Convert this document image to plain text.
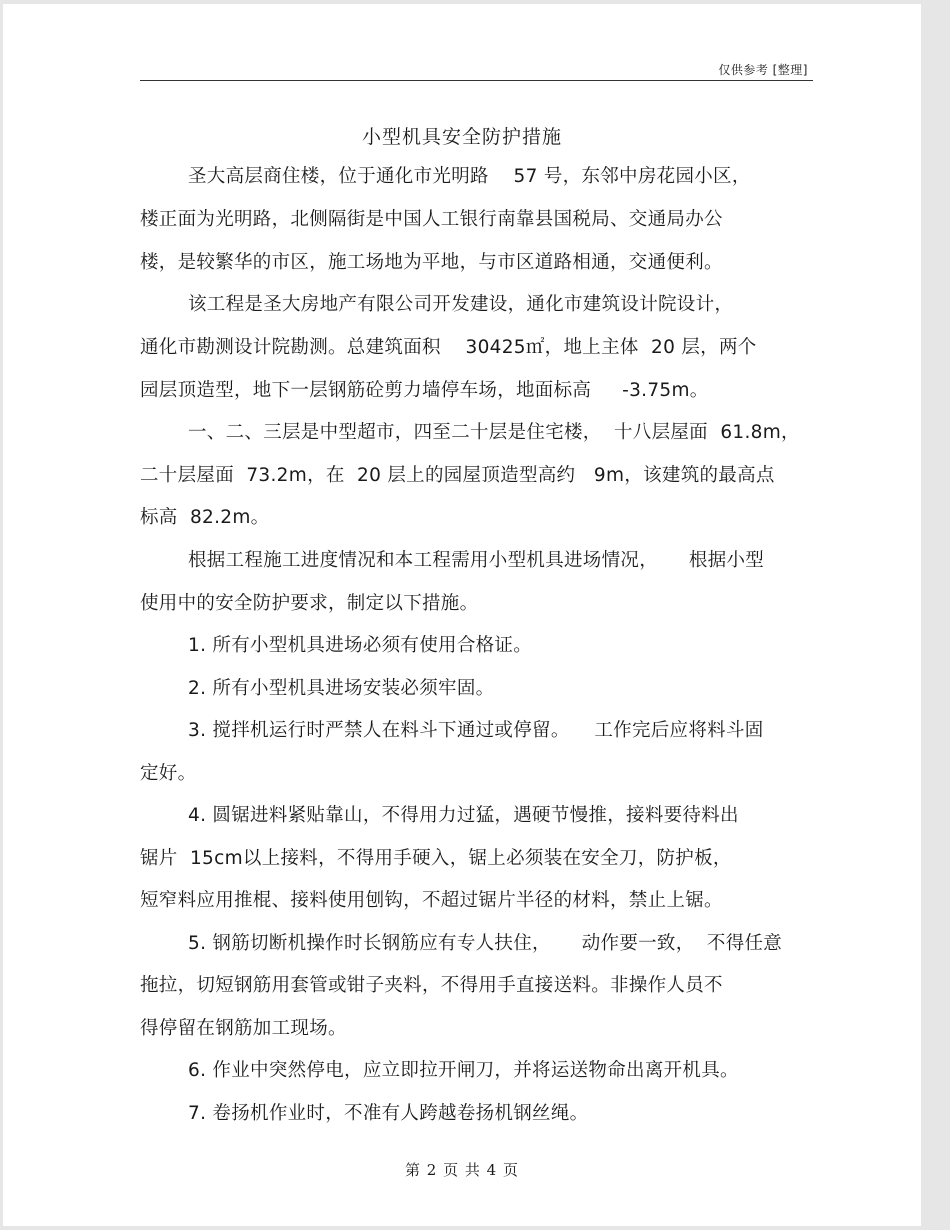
仅供参考 [整理]
小型机具安全防护措施
圣大高层商住楼，位于通化市光明路    57 号，东邻中房花园小区，
楼正面为光明路，北侧隔街是中国人工银行南靠县国税局、交通局办公
楼，是较繁华的市区，施工场地为平地，与市区道路相通，交通便利。
该工程是圣大房地产有限公司开发建设，通化市建筑设计院设计，
通化市勘测设计院勘测。总建筑面积    30425㎡，地上主体  20 层，两个
园层顶造型，地下一层钢筋砼剪力墙停车场，地面标高     -3.75m。
一、二、三层是中型超市，四至二十层是住宅楼，  十八层屋面  61.8m，
二十层屋面  73.2m，在  20 层上的园屋顶造型高约   9m，该建筑的最高点
标高  82.2m。
根据工程施工进度情况和本工程需用小型机具进场情况，     根据小型
使用中的安全防护要求，制定以下措施。
1. 所有小型机具进场必须有使用合格证。
2. 所有小型机具进场安装必须牢固。
3. 搅拌机运行时严禁人在料斗下通过或停留。    工作完后应将料斗固
定好。
4. 圆锯进料紧贴靠山，不得用力过猛，遇硬节慢推，接料要待料出
锯片  15cm以上接料，不得用手硬入，锯上必须装在安全刀，防护板，
短窄料应用推棍、接料使用刨钩，不超过锯片半径的材料，禁止上锯。
5. 钢筋切断机操作时长钢筋应有专人扶住，     动作要一致，  不得任意
拖拉，切短钢筋用套管或钳子夹料，不得用手直接送料。非操作人员不
得停留在钢筋加工现场。
6. 作业中突然停电，应立即拉开闸刀，并将运送物命出离开机具。
7. 卷扬机作业时，不准有人跨越卷扬机钢丝绳。
第 2 页 共 4 页
